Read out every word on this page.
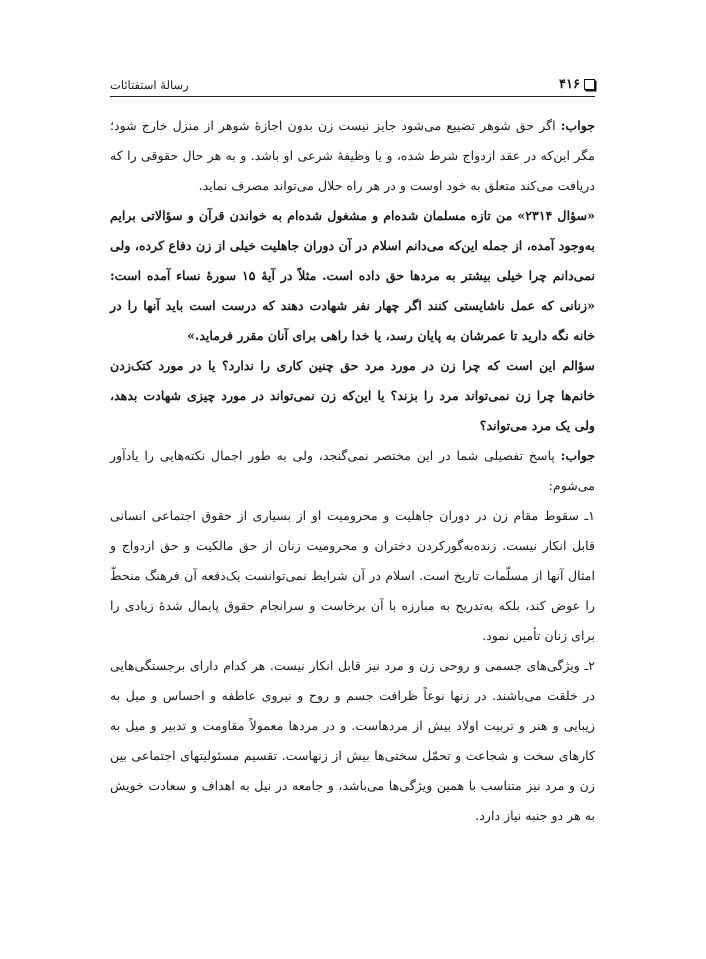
۴۱۶
رسالهٔ استفتائات

جواب: اگر حق شوهر تضییع می‌شود جایز نیست زن بدون اجازهٔ شوهر از منزل خارج شود؛ مگر این‌که در عقد ازدواج شرط شده، و یا وظیفهٔ شرعی او باشد. و به هر حال حقوقی را که دریافت می‌کند متعلق به خود اوست و در هر راه حلال می‌تواند مصرف نماید.

«سؤال ۲۳۱۴» من تازه مسلمان شده‌ام و مشغول شده‌ام به خواندن قرآن و سؤالاتی برایم به‌وجود آمده، از جمله این‌که می‌دانم اسلام در آن دوران جاهلیت خیلی از زن دفاع کرده، ولی نمی‌دانم چرا خیلی بیشتر به مردها حق داده است. مثلاً در آیهٔ ۱۵ سورهٔ نساء آمده است: «زنانی که عمل ناشایستی کنند اگر چهار نفر شهادت دهند که درست است باید آنها را در خانه نگه دارید تا عمرشان به پایان رسد، یا خدا راهی برای آنان مقرر فرماید.»

سؤالم این است که چرا زن در مورد مرد حق چنین کاری را ندارد؟ یا در مورد کتک‌زدن خانم‌ها چرا زن نمی‌تواند مرد را بزند؟ یا این‌که زن نمی‌تواند در مورد چیزی شهادت بدهد، ولی یک مرد می‌تواند؟

جواب: پاسخ تفصیلی شما در این مختصر نمی‌گنجد، ولی به طور اجمال نکته‌هایی را یادآور می‌شوم:

۱ـ سقوط مقام زن در دوران جاهلیت و محرومیت او از بسیاری از حقوق اجتماعی انسانی قابل انکار نیست. زنده‌به‌گورکردن دختران و محرومیت زنان از حق مالکیت و حق ازدواج و امثال آنها از مسلّمات تاریخ است. اسلام در آن شرایط نمی‌توانست یک‌دفعه آن فرهنگ منحطّ را عوض کند، بلکه به‌تدریج به مبارزه با آن برخاست و سرانجام حقوق پایمال شدهٔ زیادی را برای زنان تأمین نمود.

۲ـ ویژگی‌های جسمی و روحی زن و مرد نیز قابل انکار نیست. هر کدام دارای برجستگی‌هایی در خلقت می‌باشند. در زنها نوعاً ظرافت جسم و روح و نیروی عاطفه و احساس و میل به زیبایی و هنر و تربیت اولاد بیش از مردهاست. و در مردها معمولاً مقاومت و تدبیر و میل به کارهای سخت و شجاعت و تحمّل سختی‌ها بیش از زنهاست. تقسیم مسئولیتهای اجتماعی بین زن و مرد نیز متناسب با همین ویژگی‌ها می‌باشد، و جامعه در نیل به اهداف و سعادت خویش به هر دو جنبه نیاز دارد.
